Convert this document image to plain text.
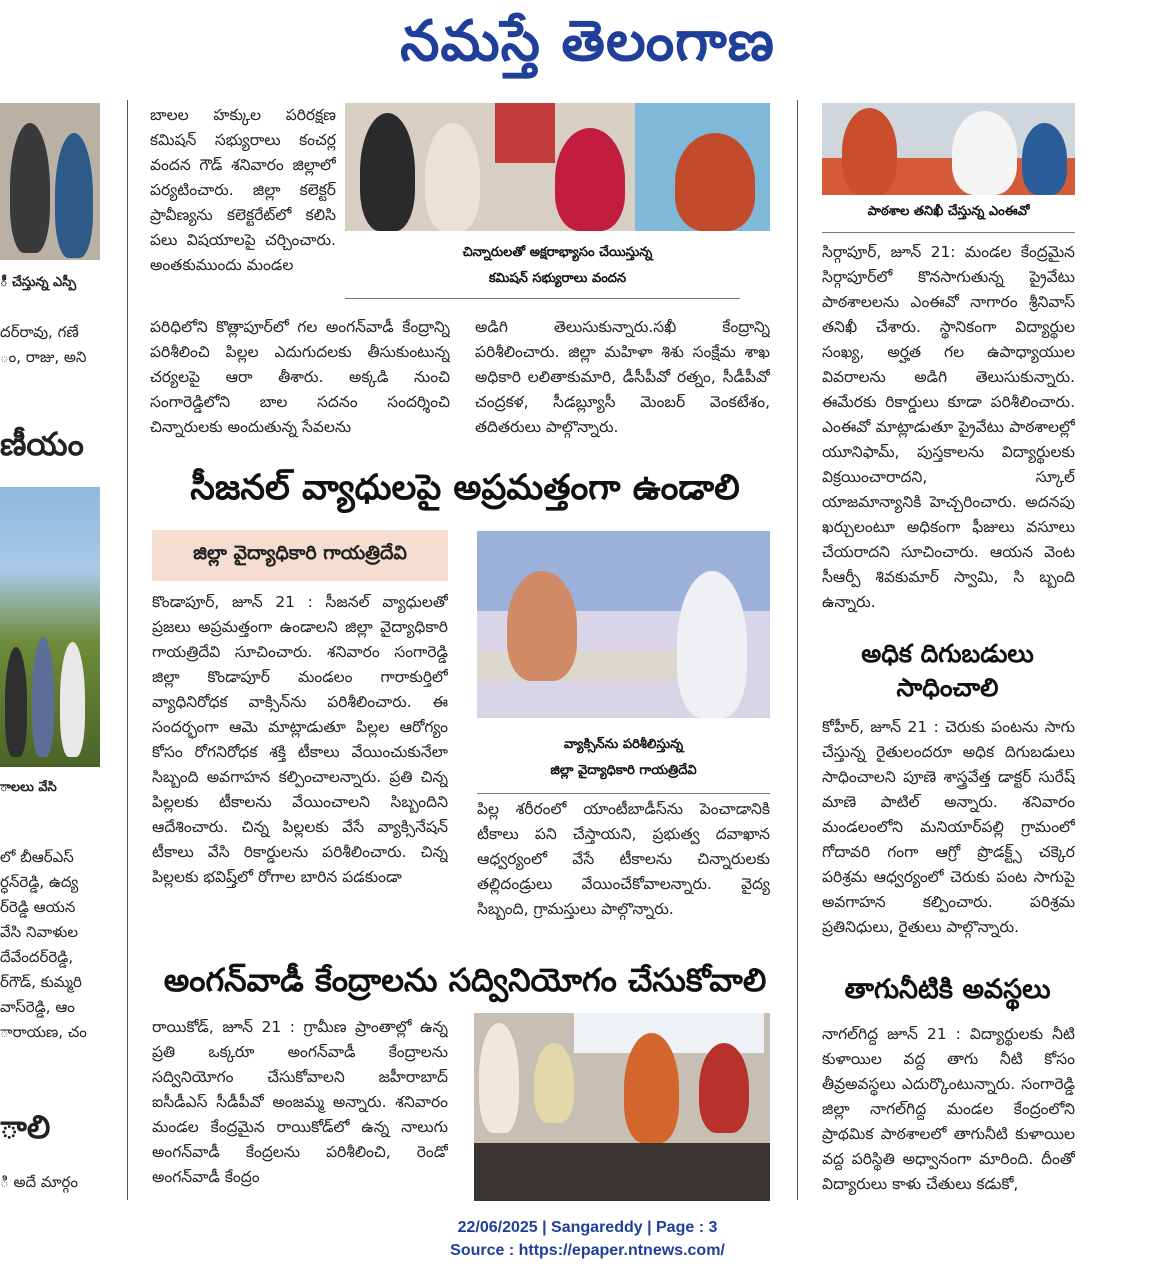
నమస్తే తెలంగాణ
ీ చేస్తున్న ఎస్పీ
దర్‌రావు, గణే
ం, రాజు, అని
ణీయం
ాలలు వేసి
లో బీఆర్ఎస్
ర్ధన్‌రెడ్డి, ఉద్య
ర్‌రెడ్డి ఆయన
వేసి నివాళుల
దేవేందర్‌రెడ్డి,
ర్‌గౌడ్, కుమ్మరి
వాస్‌రెడ్డి, ఆం
ారాయణ, చం
ాలి
ి అదే మార్గం
బాలల హక్కుల పరిరక్షణ కమిషన్ సభ్యురాలు కంచర్ల వందన గౌడ్ శనివారం జిల్లాలో పర్యటించారు. జిల్లా కలెక్టర్ ప్రావీణ్యను కలెక్టరేట్‌లో కలిసి పలు విషయాలపై చర్చించారు. అంతకుముందు మండల
చిన్నారులతో అక్షరాభ్యాసం చేయిస్తున్న
కమిషన్ సభ్యురాలు వందన
పరిధిలోని కొత్లాపూర్‌లో గల అంగన్‌వాడీ కేంద్రాన్ని పరిశీలించి పిల్లల ఎదుగుదలకు తీసుకుంటున్న చర్యలపై ఆరా తీశారు. అక్కడి నుంచి సంగారెడ్డిలోని బాల సదనం సందర్శించి చిన్నారులకు అందుతున్న సేవలను
అడిగి తెలుసుకున్నారు.సఖీ కేంద్రాన్ని పరిశీలించారు. జిల్లా మహిళా శిశు సంక్షేమ శాఖ అధికారి లలితాకుమారి, డీసీపీవో రత్నం, సీడీపీవో చంద్రకళ, సీడబ్ల్యూసీ మెంబర్ వెంకటేశం, తదితరులు పాల్గొన్నారు.
సీజనల్ వ్యాధులపై అప్రమత్తంగా ఉండాలి
జిల్లా వైద్యాధికారి గాయత్రిదేవి
కొండాపూర్, జూన్ 21 : సీజనల్ వ్యాధులతో ప్రజలు అప్రమత్తంగా ఉండాలని జిల్లా వైద్యాధికారి గాయత్రిదేవి సూచించారు. శనివారం సంగారెడ్డి జిల్లా కొండాపూర్ మండలం గారాకుర్తిలో వ్యాధినిరోధక వాక్సిన్‌ను పరిశీలించారు. ఈ సందర్భంగా ఆమె మాట్లాడుతూ పిల్లల ఆరోగ్యం కోసం రోగనిరోధక శక్తి టీకాలు వేయించుకునేలా సిబ్బంది అవగాహన కల్పించాలన్నారు. ప్రతి చిన్న పిల్లలకు టీకాలను వేయించాలని సిబ్బందిని ఆదేశించారు. చిన్న పిల్లలకు వేసే వ్యాక్సినేషన్ టీకాలు వేసి రికార్డులను పరిశీలించారు. చిన్న పిల్లలకు భవిష్త్‌లో రోగాల బారిన పడకుండా
వ్యాక్సిన్‌ను పరిశీలిస్తున్న
జిల్లా వైద్యాధికారి గాయత్రిదేవి
పిల్ల శరీరంలో యాంటీబాడీస్‌ను పెంచాడానికి టీకాలు పని చేస్తాయని, ప్రభుత్వ దవాఖాన ఆధ్వర్యంలో వేసే టీకాలను చిన్నారులకు తల్లిదండ్రులు వేయించేకోవాలన్నారు. వైద్య సిబ్బంది, గ్రామస్తులు పాల్గొన్నారు.
అంగన్‌వాడీ కేంద్రాలను సద్వినియోగం చేసుకోవాలి
రాయికోడ్, జూన్ 21 : గ్రామీణ ప్రాంతాల్లో ఉన్న ప్రతి ఒక్కరూ అంగన్‌వాడీ కేంద్రాలను సద్వినియోగం చేసుకోవాలని జహీరాబాద్ ఐసీడీఎస్ సీడీపీవో అంజమ్మ అన్నారు. శనివారం మండల కేంద్రమైన రాయికోడ్‌లో ఉన్న నాలుగు అంగన్‌వాడీ కేంద్రలను పరిశీలించి, రెండో అంగన్‌వాడీ కేంద్రం
పాఠశాల తనిఖీ చేస్తున్న ఎంఈవో
సిర్గాపూర్, జూన్ 21: మండల కేంద్రమైన సిర్గాపూర్‌లో కొనసాగుతున్న ప్రైవేటు పాఠశాలలను ఎంఈవో నాగారం శ్రీనివాస్ తనిఖీ చేశారు. స్థానికంగా విద్యార్థుల సంఖ్య, అర్హత గల ఉపాధ్యాయుల వివరాలను అడిగి తెలుసుకున్నారు. ఈమేరకు రికార్డులు కూడా పరిశీలించారు. ఎంఈవో మాట్లాడుతూ ప్రైవేటు పాఠశాలల్లో యూనిఫామ్, పుస్తకాలను విద్యార్థులకు విక్రయించారాదని, స్కూల్ యాజమాన్యానికి హెచ్చరించారు. అదనపు ఖర్చులంటూ అధికంగా ఫీజులు వసూలు చేయరాదని సూచించారు. ఆయన వెంట సీఆర్పీ శివకుమార్ స్వామి, సి బ్బంది ఉన్నారు.
అధిక దిగుబడులు
సాధించాలి
కోహీర్, జూన్ 21 : చెరుకు పంటను సాగు చేస్తున్న రైతులందరూ అధిక దిగుబడులు సాధించాలని పూణె శాస్త్రవేత్త డాక్టర్ సురేష్ మాణె పాటిల్ అన్నారు. శనివారం మండలంలోని మనియార్‌పల్లి గ్రామంలో గోదావరి గంగా ఆగ్రో ప్రొడక్ట్స్ చక్కెర పరిశ్రమ ఆధ్వర్యంలో చెరుకు పంట సాగుపై అవగాహన కల్పించారు. పరిశ్రమ ప్రతినిధులు, రైతులు పాల్గొన్నారు.
తాగునీటికి అవస్థలు
నాగల్‌గిద్ద జూన్ 21 : విద్యార్థులకు నీటి కుళాయిల వద్ద తాగు నీటి కోసం తీవ్రఅవస్థలు ఎదుర్కొంటున్నారు. సంగారెడ్డి జిల్లా నాగల్‌గిద్ద మండల కేంద్రంలోని ప్రాథమిక పాఠశాలలో తాగునీటి కుళాయిల వద్ద పరిస్థితి అధ్వానంగా మారింది. దీంతో విద్యారులు కాళు చేతులు కడుకో,
22/06/2025 | Sangareddy | Page : 3
Source : https://epaper.ntnews.com/
